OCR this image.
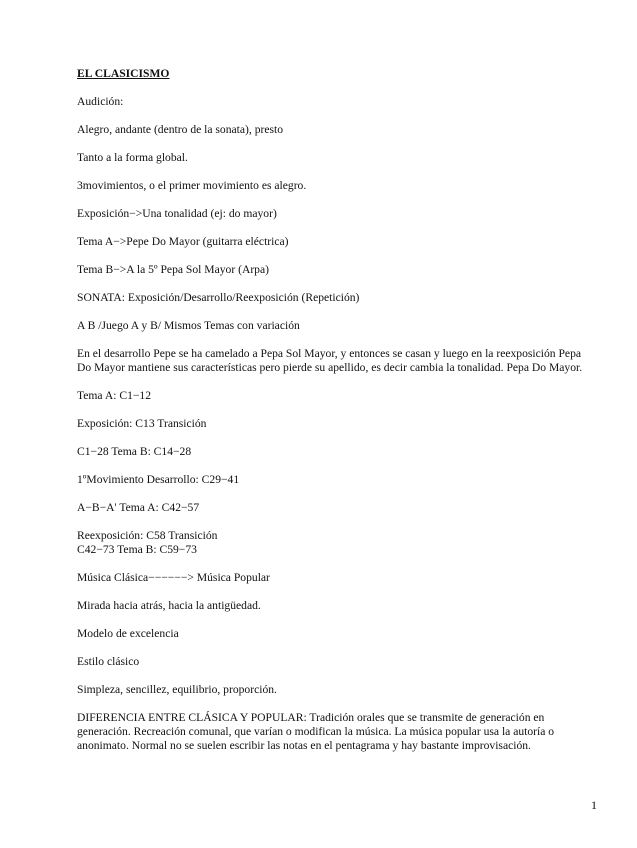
EL CLASICISMO

Audición:

Alegro, andante (dentro de la sonata), presto

Tanto a la forma global.

3movimientos, o el primer movimiento es alegro.

Exposición−>Una tonalidad (ej: do mayor)

Tema A−>Pepe Do Mayor (guitarra eléctrica)

Tema B−>A la 5º Pepa Sol Mayor (Arpa)

SONATA: Exposición/Desarrollo/Reexposición (Repetición)

A B /Juego A y B/ Mismos Temas con variación

En el desarrollo Pepe se ha camelado a Pepa Sol Mayor, y entonces se casan y luego en la reexposición Pepa
Do Mayor mantiene sus características pero pierde su apellido, es decir cambia la tonalidad. Pepa Do Mayor.

Tema A: C1−12

Exposición: C13 Transición

C1−28 Tema B: C14−28

1ºMovimiento Desarrollo: C29−41

A−B−A' Tema A: C42−57

Reexposición: C58 Transición
C42−73 Tema B: C59−73

Música Clásica−−−−−−> Música Popular

Mirada hacia atrás, hacia la antigüedad.

Modelo de excelencia

Estilo clásico

Simpleza, sencillez, equilibrio, proporción.

DIFERENCIA ENTRE CLÁSICA Y POPULAR: Tradición orales que se transmite de generación en
generación. Recreación comunal, que varían o modifican la música. La música popular usa la autoría o
anonimato. Normal no se suelen escribir las notas en el pentagrama y hay bastante improvisación.

1
